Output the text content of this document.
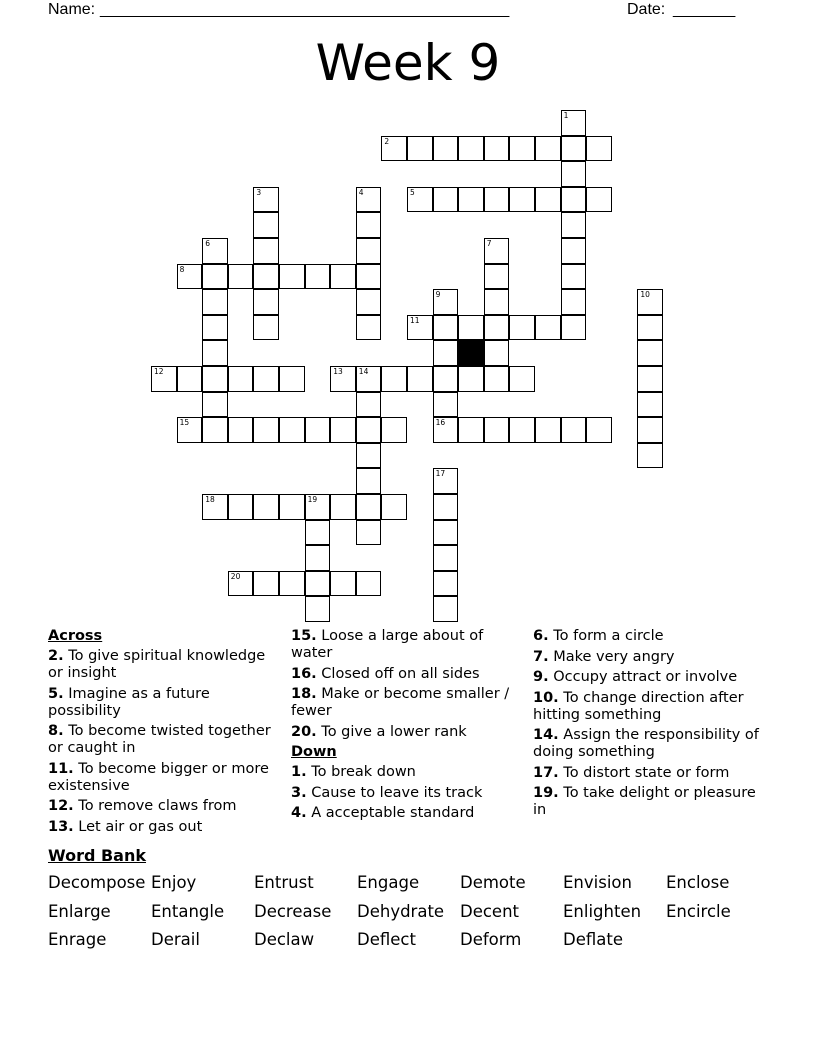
Name: ______________________________________________	Date: _______
Week 9
2
5
8
11
12	13 14
15	16
18	19
20
1
3	4
6	7
9	10
17
Across
2. To give spiritual knowledge or insight
5. Imagine as a future possibility
8. To become twisted together or caught in
11. To become bigger or more existensive
12. To remove claws from
13. Let air or gas out
15. Loose a large about of water
16. Closed off on all sides
18. Make or become smaller / fewer
20. To give a lower rank
Down
1. To break down
3. Cause to leave its track
4. A acceptable standard
6. To form a circle
7. Make very angry
9. Occupy attract or involve
10. To change direction after hitting something
14. Assign the responsibility of doing something
17. To distort state or form
19. To take delight or pleasure in
Word Bank
Decompose Enjoy	Entrust	Engage Demote Envision Enclose
Enlarge Entangle Decrease Dehydrate Decent	Enlighten Encircle
Enrage	Derail	Declaw	Deflect	Deform	Deflate
